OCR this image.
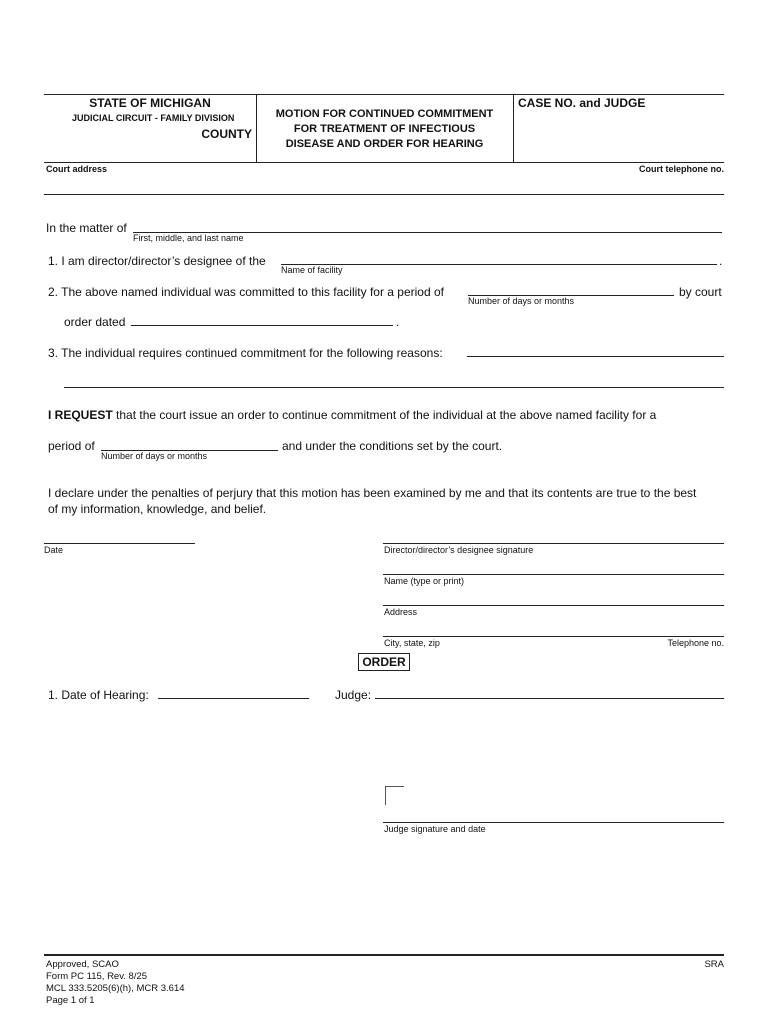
STATE OF MICHIGAN
JUDICIAL CIRCUIT - FAMILY DIVISION
COUNTY
MOTION FOR CONTINUED COMMITMENT
FOR TREATMENT OF INFECTIOUS
DISEASE AND ORDER FOR HEARING
CASE NO. and JUDGE
Court address	Court telephone no.
In the matter of
First, middle, and last name
1. I am director/director’s designee of the	.
Name of facility
2. The above named individual was committed to this facility for a period of
Number of days or months
by court
order dated	.
3. The individual requires continued commitment for the following reasons:
I REQUEST that the court issue an order to continue commitment of the individual at the above named facility for a
period of
Number of days or months
and under the conditions set by the court.
I declare under the penalties of perjury that this motion has been examined by me and that its contents are true to the best
of my information, knowledge, and belief.
Date	Director/director’s designee signature
Name (type or print)
Address
City, state, zip	Telephone no.
ORDER
1. Date of Hearing:	Judge:
Judge signature and date
Approved, SCAO
Form PC 115, Rev. 8/25
MCL 333.5205(6)(h), MCR 3.614
Page 1 of 1
SRA
